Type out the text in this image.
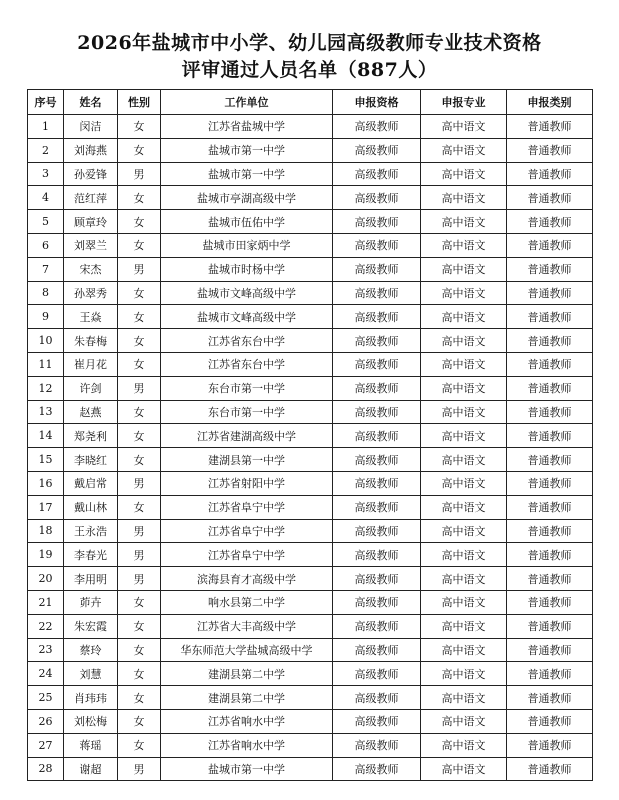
2026年盐城市中小学、幼儿园高级教师专业技术资格
评审通过人员名单（887人）
序号	姓名	性别	工作单位	申报资格	申报专业	申报类别
1	闵洁	女	江苏省盐城中学	高级教师	高中语文	普通教师
2	刘海燕	女	盐城市第一中学	高级教师	高中语文	普通教师
3	孙爱锋	男	盐城市第一中学	高级教师	高中语文	普通教师
4	范红萍	女	盐城市亭湖高级中学	高级教师	高中语文	普通教师
5	顾章玲	女	盐城市伍佑中学	高级教师	高中语文	普通教师
6	刘翠兰	女	盐城市田家炳中学	高级教师	高中语文	普通教师
7	宋杰	男	盐城市时杨中学	高级教师	高中语文	普通教师
8	孙翠秀	女	盐城市文峰高级中学	高级教师	高中语文	普通教师
9	王焱	女	盐城市文峰高级中学	高级教师	高中语文	普通教师
10	朱春梅	女	江苏省东台中学	高级教师	高中语文	普通教师
11	崔月花	女	江苏省东台中学	高级教师	高中语文	普通教师
12	许剑	男	东台市第一中学	高级教师	高中语文	普通教师
13	赵燕	女	东台市第一中学	高级教师	高中语文	普通教师
14	郑尧利	女	江苏省建湖高级中学	高级教师	高中语文	普通教师
15	李晓红	女	建湖县第一中学	高级教师	高中语文	普通教师
16	戴启常	男	江苏省射阳中学	高级教师	高中语文	普通教师
17	戴山林	女	江苏省阜宁中学	高级教师	高中语文	普通教师
18	王永浩	男	江苏省阜宁中学	高级教师	高中语文	普通教师
19	李春光	男	江苏省阜宁中学	高级教师	高中语文	普通教师
20	李用明	男	滨海县育才高级中学	高级教师	高中语文	普通教师
21	茆卉	女	响水县第二中学	高级教师	高中语文	普通教师
22	朱宏霞	女	江苏省大丰高级中学	高级教师	高中语文	普通教师
23	蔡玲	女	华东师范大学盐城高级中学	高级教师	高中语文	普通教师
24	刘慧	女	建湖县第二中学	高级教师	高中语文	普通教师
25	肖玮玮	女	建湖县第二中学	高级教师	高中语文	普通教师
26	刘松梅	女	江苏省响水中学	高级教师	高中语文	普通教师
27	蒋瑶	女	江苏省响水中学	高级教师	高中语文	普通教师
28	谢超	男	盐城市第一中学	高级教师	高中语文	普通教师
